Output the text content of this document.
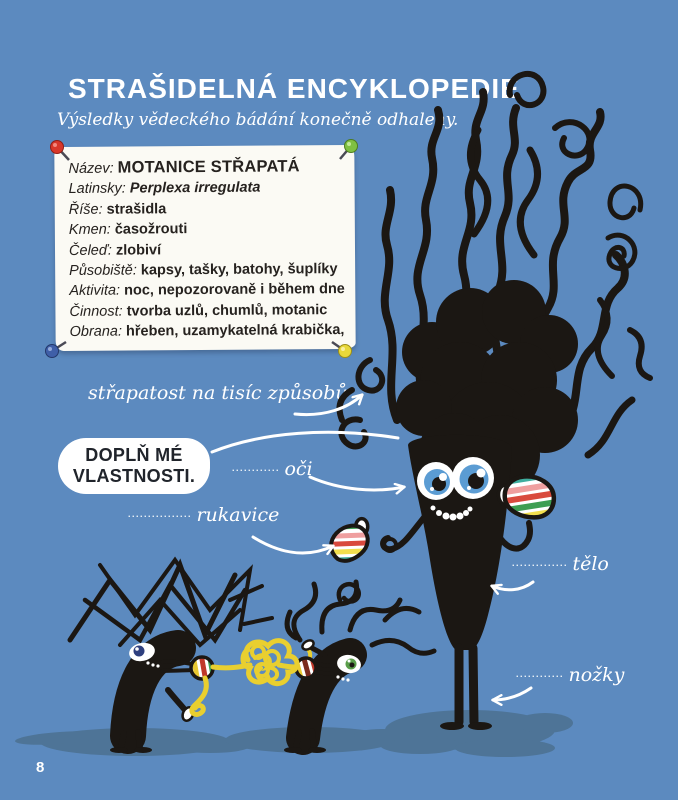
STRAŠIDELNÁ ENCYKLOPEDIE
Výsledky vědeckého bádání konečně odhaleny.
Název: MOTANICE STŘAPATÁ
Latinsky: Perplexa irregulata
Říše: strašidla
Kmen: časožrouti
Čeleď: zlobiví
Působiště: kapsy, tašky, batohy, šuplíky
Aktivita: noc, nepozorovaně i během dne
Činnost: tvorba uzlů, chumlů, motanic
Obrana: hřeben, uzamykatelná krabička,
DOPLŇ MÉ
VLASTNOSTI.
střapatost na tisíc způsobů
............ oči
................ rukavice
.............. tělo
............ nožky
8
